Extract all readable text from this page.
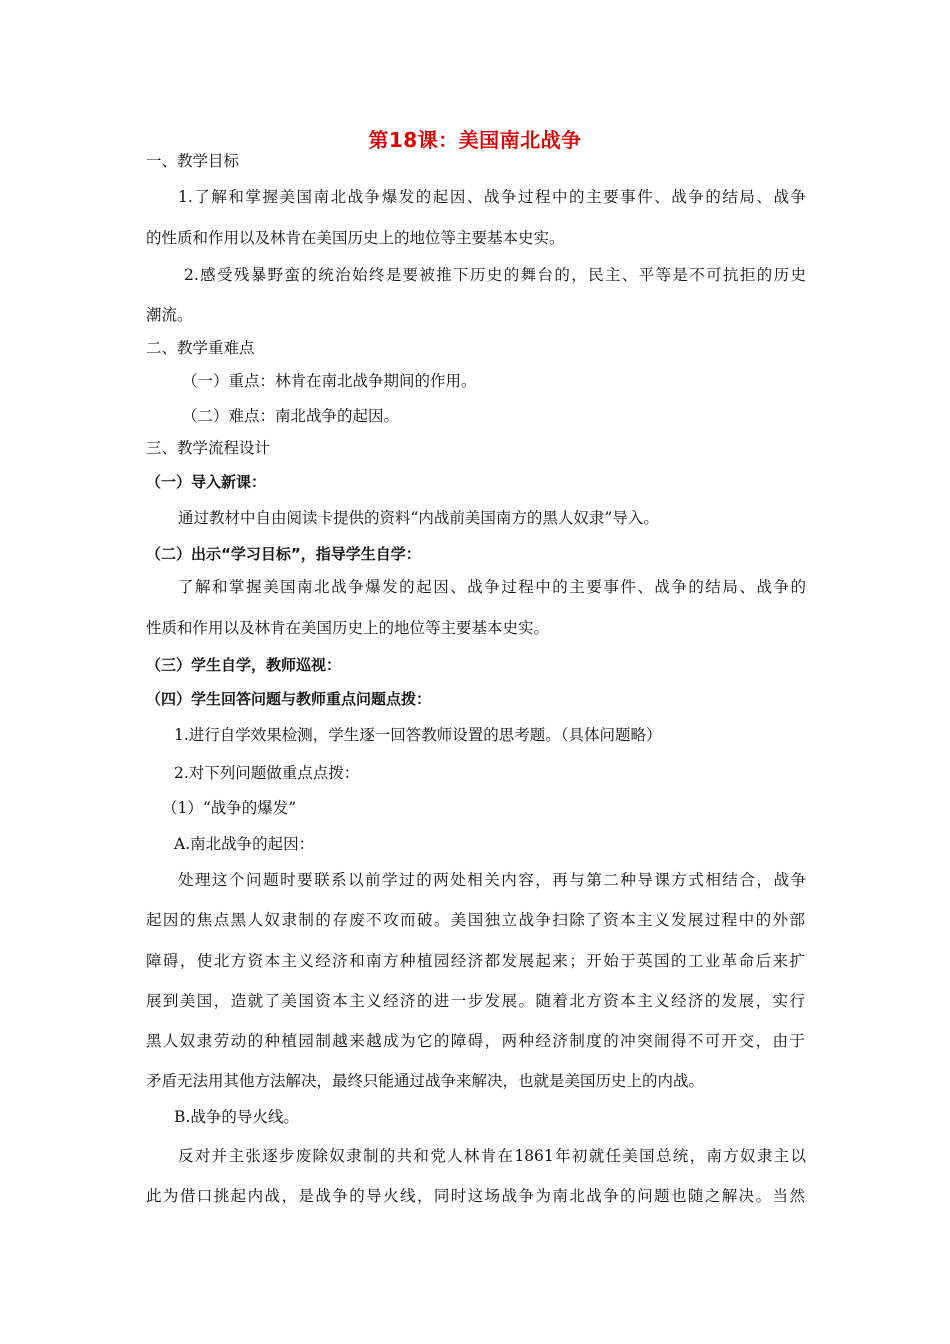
第18课：美国南北战争
一、教学目标
1.了解和掌握美国南北战争爆发的起因、战争过程中的主要事件、战争的结局、战争
的性质和作用以及林肯在美国历史上的地位等主要基本史实。
2.感受残暴野蛮的统治始终是要被推下历史的舞台的，民主、平等是不可抗拒的历史
潮流。
二、教学重难点
（一）重点：林肯在南北战争期间的作用。
（二）难点：南北战争的起因。
三、教学流程设计
（一）导入新课：
通过教材中自由阅读卡提供的资料“内战前美国南方的黑人奴隶”导入。
（二）出示“学习目标”，指导学生自学：
了解和掌握美国南北战争爆发的起因、战争过程中的主要事件、战争的结局、战争的
性质和作用以及林肯在美国历史上的地位等主要基本史实。
（三）学生自学，教师巡视：
（四）学生回答问题与教师重点问题点拨：
1.进行自学效果检测，学生逐一回答教师设置的思考题。（具体问题略）
2.对下列问题做重点点拨：
（1）“战争的爆发”
A.南北战争的起因：
处理这个问题时要联系以前学过的两处相关内容，再与第二种导课方式相结合，战争
起因的焦点黑人奴隶制的存废不攻而破。美国独立战争扫除了资本主义发展过程中的外部
障碍，使北方资本主义经济和南方种植园经济都发展起来；开始于英国的工业革命后来扩
展到美国，造就了美国资本主义经济的进一步发展。随着北方资本主义经济的发展，实行
黑人奴隶劳动的种植园制越来越成为它的障碍，两种经济制度的冲突闹得不可开交，由于
矛盾无法用其他方法解决，最终只能通过战争来解决，也就是美国历史上的内战。
B.战争的导火线。
反对并主张逐步废除奴隶制的共和党人林肯在1861年初就任美国总统，南方奴隶主以
此为借口挑起内战，是战争的导火线，同时这场战争为南北战争的问题也随之解决。当然
